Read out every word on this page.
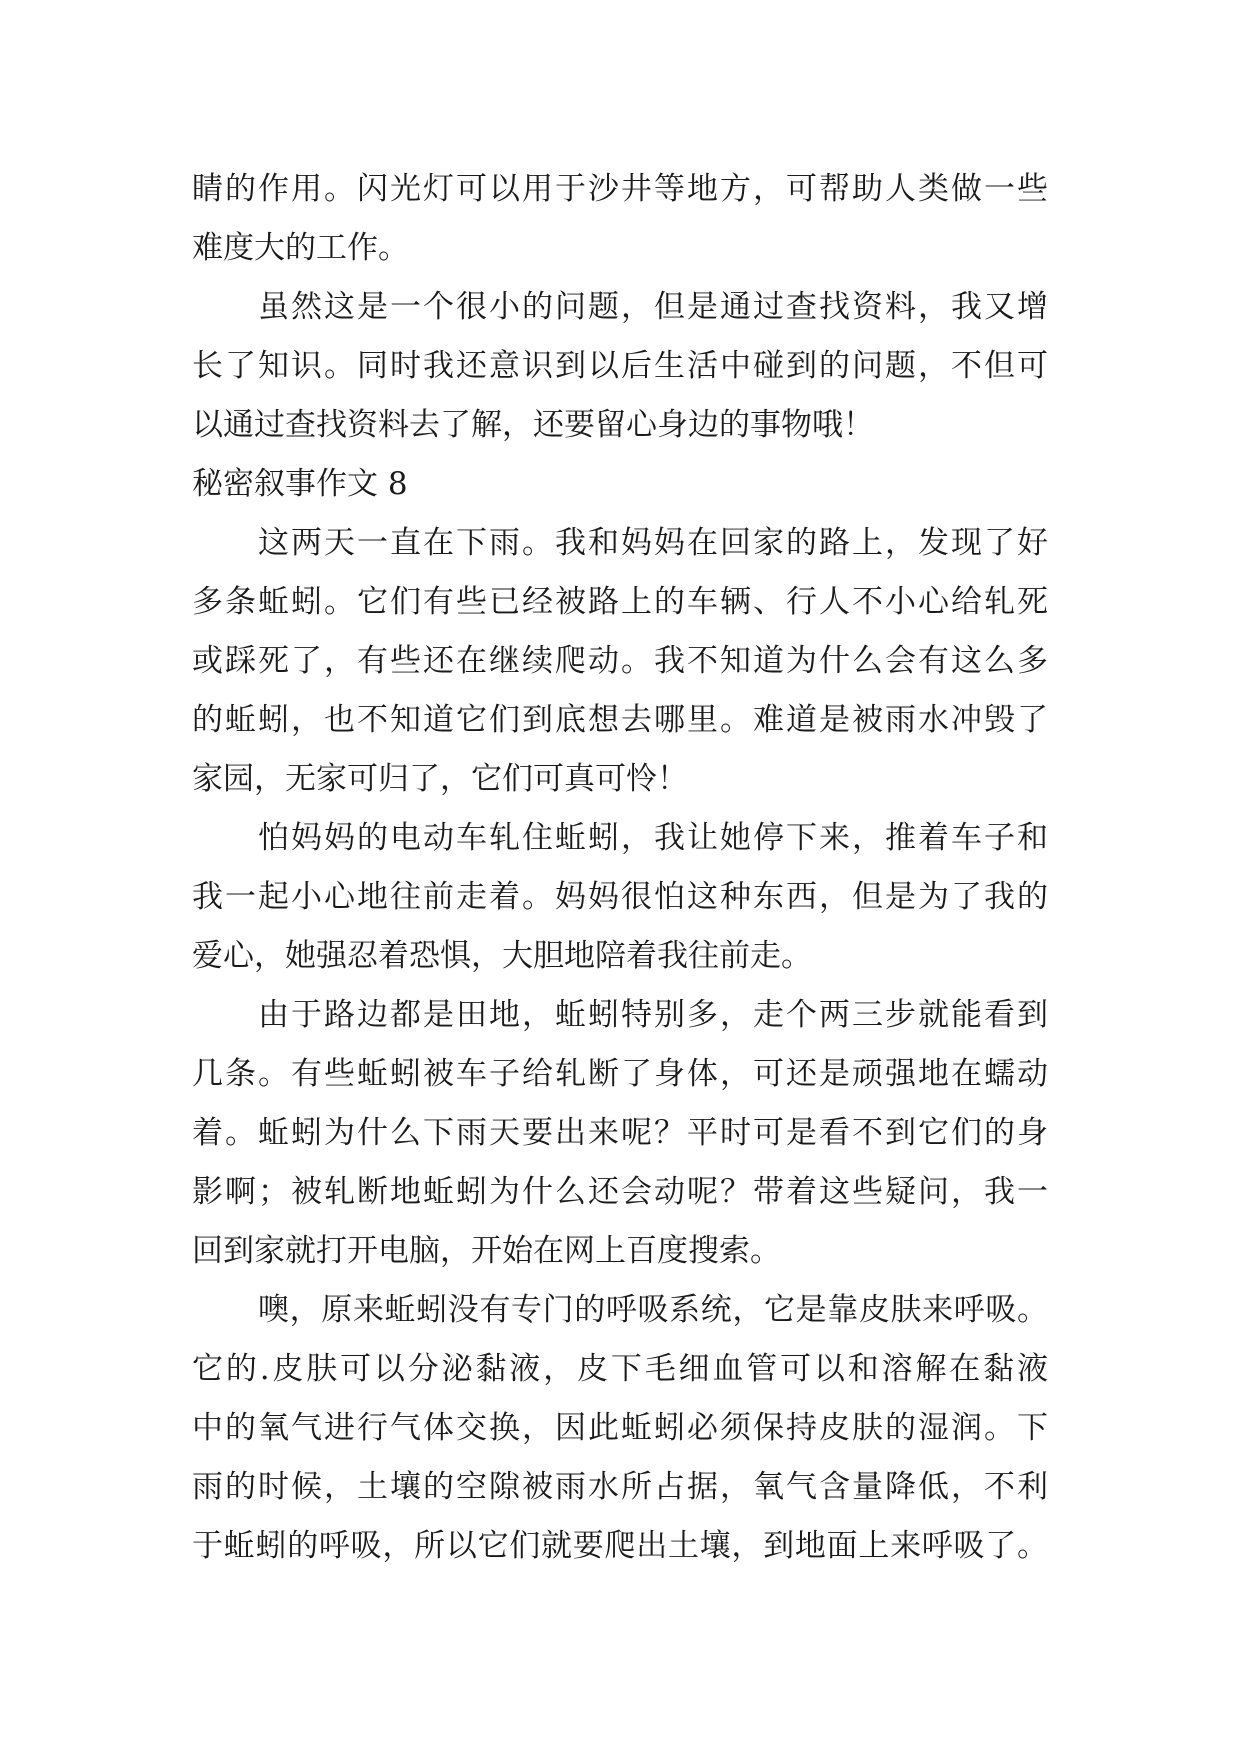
睛的作用。闪光灯可以用于沙井等地方，可帮助人类做一些
难度大的工作。
虽然这是一个很小的问题，但是通过查找资料，我又增
长了知识。同时我还意识到以后生活中碰到的问题，不但可
以通过查找资料去了解，还要留心身边的事物哦！
秘密叙事作文 8
这两天一直在下雨。我和妈妈在回家的路上，发现了好
多条蚯蚓。它们有些已经被路上的车辆、行人不小心给轧死
或踩死了，有些还在继续爬动。我不知道为什么会有这么多
的蚯蚓，也不知道它们到底想去哪里。难道是被雨水冲毁了
家园，无家可归了，它们可真可怜！
怕妈妈的电动车轧住蚯蚓，我让她停下来，推着车子和
我一起小心地往前走着。妈妈很怕这种东西，但是为了我的
爱心，她强忍着恐惧，大胆地陪着我往前走。
由于路边都是田地，蚯蚓特别多，走个两三步就能看到
几条。有些蚯蚓被车子给轧断了身体，可还是顽强地在蠕动
着。蚯蚓为什么下雨天要出来呢？平时可是看不到它们的身
影啊；被轧断地蚯蚓为什么还会动呢？带着这些疑问，我一
回到家就打开电脑，开始在网上百度搜索。
噢，原来蚯蚓没有专门的呼吸系统，它是靠皮肤来呼吸。
它的.皮肤可以分泌黏液，皮下毛细血管可以和溶解在黏液
中的氧气进行气体交换，因此蚯蚓必须保持皮肤的湿润。下
雨的时候，土壤的空隙被雨水所占据，氧气含量降低，不利
于蚯蚓的呼吸，所以它们就要爬出土壤，到地面上来呼吸了。
